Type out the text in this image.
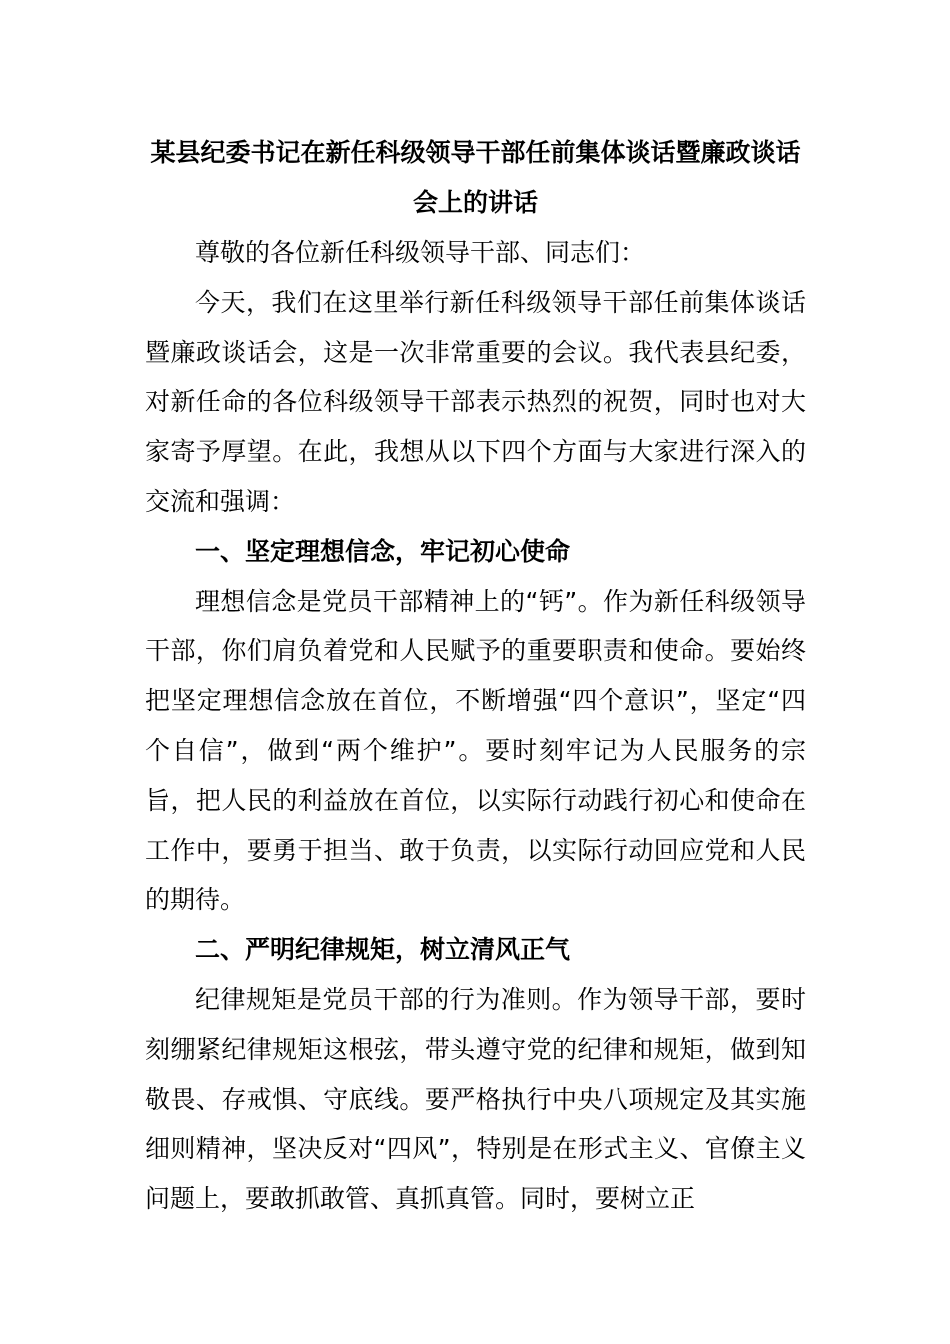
某县纪委书记在新任科级领导干部任前集体谈话暨廉政谈话会上的讲话

尊敬的各位新任科级领导干部、同志们：

今天，我们在这里举行新任科级领导干部任前集体谈话暨廉政谈话会，这是一次非常重要的会议。我代表县纪委，对新任命的各位科级领导干部表示热烈的祝贺，同时也对大家寄予厚望。在此，我想从以下四个方面与大家进行深入的交流和强调：

一、坚定理想信念，牢记初心使命

理想信念是党员干部精神上的“钙”。作为新任科级领导干部，你们肩负着党和人民赋予的重要职责和使命。要始终把坚定理想信念放在首位，不断增强“四个意识”，坚定“四个自信”，做到“两个维护”。要时刻牢记为人民服务的宗旨，把人民的利益放在首位，以实际行动践行初心和使命在工作中，要勇于担当、敢于负责，以实际行动回应党和人民的期待。

二、严明纪律规矩，树立清风正气

纪律规矩是党员干部的行为准则。作为领导干部，要时刻绷紧纪律规矩这根弦，带头遵守党的纪律和规矩，做到知敬畏、存戒惧、守底线。要严格执行中央八项规定及其实施细则精神，坚决反对“四风”，特别是在形式主义、官僚主义问题上，要敢抓敢管、真抓真管。同时，要树立正
